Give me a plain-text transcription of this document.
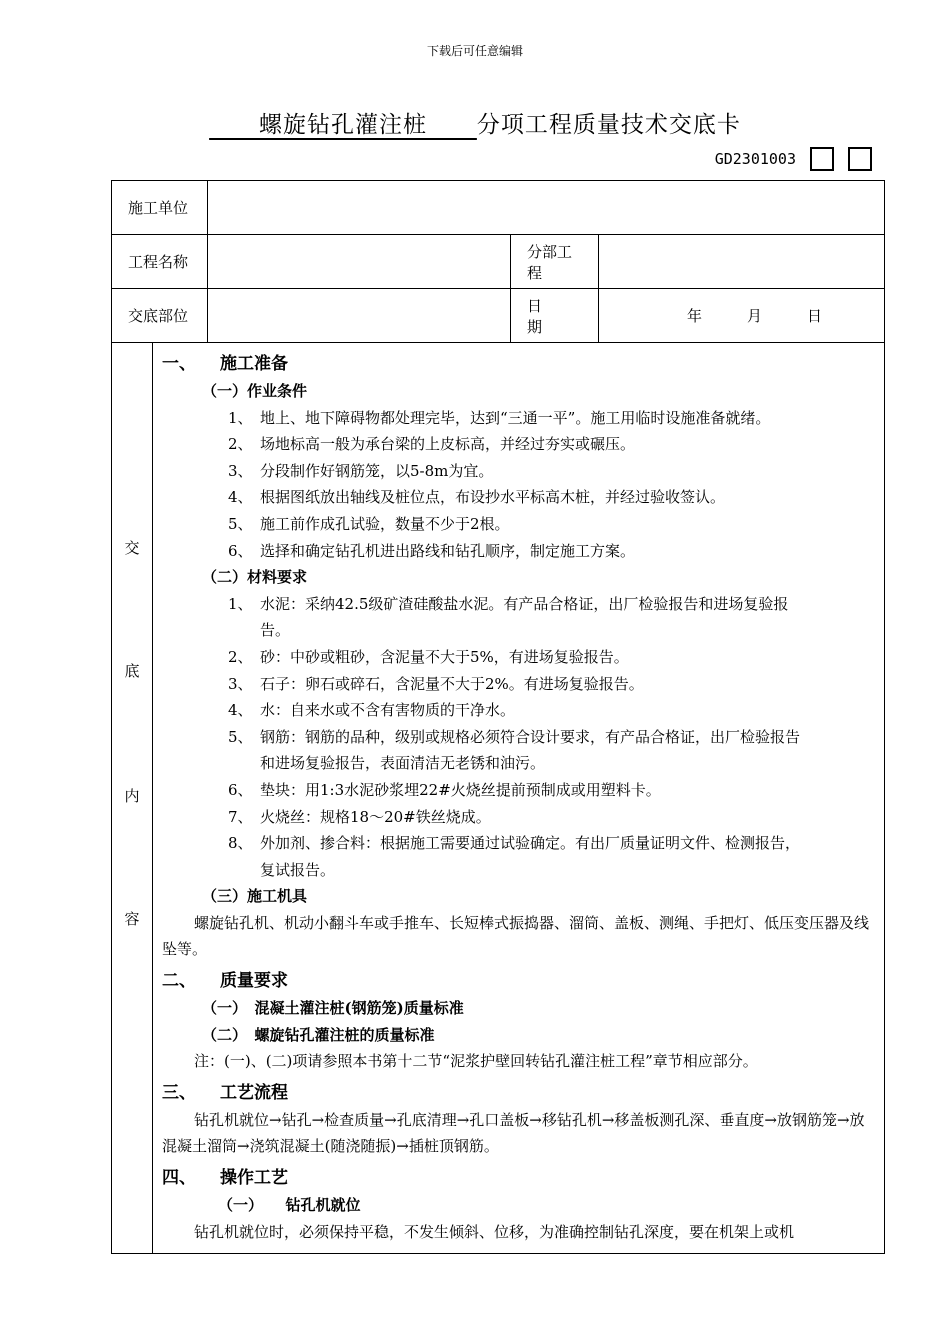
下载后可任意编辑
螺旋钻孔灌注桩 分项工程质量技术交底卡
GD2301003
施工单位			
工程名称		分部工程	
交底部位		日　　期	年　　　月　　　日
交
底
内
容
一、 施工准备
（一）作业条件
1、 地上、地下障碍物都处理完毕，达到“三通一平”。施工用临时设施准备就绪。
2、 场地标高一般为承台梁的上皮标高，并经过夯实或碾压。
3、 分段制作好钢筋笼，以5-8m为宜。
4、 根据图纸放出轴线及桩位点，布设抄水平标高木桩，并经过验收签认。
5、 施工前作成孔试验，数量不少于2根。
6、 选择和确定钻孔机进出路线和钻孔顺序，制定施工方案。
（二）材料要求
1、 水泥：采纳42.5级矿渣硅酸盐水泥。有产品合格证，出厂检验报告和进场复验报
告。
2、 砂：中砂或粗砂，含泥量不大于5%，有进场复验报告。
3、 石子：卵石或碎石，含泥量不大于2%。有进场复验报告。
4、 水：自来水或不含有害物质的干净水。
5、 钢筋：钢筋的品种，级别或规格必须符合设计要求，有产品合格证，出厂检验报告
和进场复验报告，表面清洁无老锈和油污。
6、 垫块：用1:3水泥砂浆埋22#火烧丝提前预制成或用塑料卡。
7、 火烧丝：规格18～20#铁丝烧成。
8、 外加剂、掺合料：根据施工需要通过试验确定。有出厂质量证明文件、检测报告，
复试报告。
（三）施工机具
螺旋钻孔机、机动小翻斗车或手推车、长短棒式振捣器、溜筒、盖板、测绳、手把灯、低压变压器及线坠等。
二、 质量要求
（一）　混凝土灌注桩(钢筋笼)质量标准
（二）　螺旋钻孔灌注桩的质量标准
注：(一)、(二)项请参照本书第十二节“泥浆护壁回转钻孔灌注桩工程”章节相应部分。
三、 工艺流程
钻孔机就位→钻孔→检查质量→孔底清理→孔口盖板→移钻孔机→移盖板测孔深、垂直度→放钢筋笼→放混凝土溜筒→浇筑混凝土(随浇随振)→插桩顶钢筋。
四、 操作工艺
（一）　　钻孔机就位
钻孔机就位时，必须保持平稳，不发生倾斜、位移，为准确控制钻孔深度，要在机架上或机
